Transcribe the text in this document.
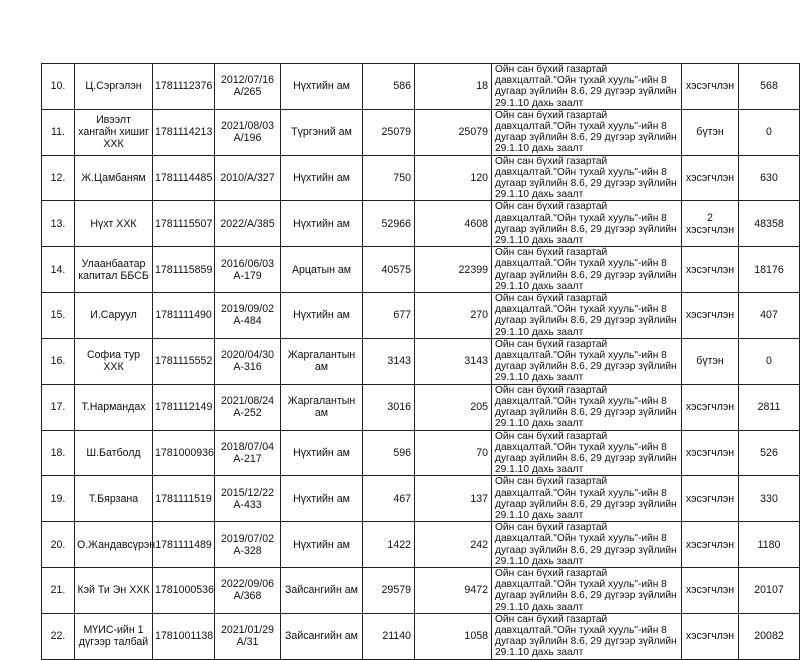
10.	Ц.Сэргэлэн	1781112376	2012/07/16 А/265	Нүхтийн ам	586	18	Ойн сан бүхий газартай давхцалтай."Ойн тухай хууль"-ийн 8 дугаар зүйлийн 8.6, 29 дүгээр зүйлийн 29.1.10 дахь заалт	хэсэгчлэн	568
11.	Ивээлт хангайн хишиг ХХК	1781114213	2021/08/03 А/196	Түргэний ам	25079	25079	Ойн сан бүхий газартай давхцалтай."Ойн тухай хууль"-ийн 8 дугаар зүйлийн 8.6, 29 дүгээр зүйлийн 29.1.10 дахь заалт	бүтэн	0
12.	Ж.Цамбаням	1781114485	2010/А/327	Нүхтийн ам	750	120	Ойн сан бүхий газартай давхцалтай."Ойн тухай хууль"-ийн 8 дугаар зүйлийн 8.6, 29 дүгээр зүйлийн 29.1.10 дахь заалт	хэсэгчлэн	630
13.	Нүхт ХХК	1781115507	2022/А/385	Нүхтийн ам	52966	4608	Ойн сан бүхий газартай давхцалтай."Ойн тухай хууль"-ийн 8 дугаар зүйлийн 8.6, 29 дүгээр зүйлийн 29.1.10 дахь заалт	2 хэсэгчлэн	48358
14.	Улаанбаатар капитал ББСБ	1781115859	2016/06/03 А-179	Арцатын ам	40575	22399	Ойн сан бүхий газартай давхцалтай."Ойн тухай хууль"-ийн 8 дугаар зүйлийн 8.6, 29 дүгээр зүйлийн 29.1.10 дахь заалт	хэсэгчлэн	18176
15.	И.Саруул	1781111490	2019/09/02 А-484	Нүхтийн ам	677	270	Ойн сан бүхий газартай давхцалтай."Ойн тухай хууль"-ийн 8 дугаар зүйлийн 8.6, 29 дүгээр зүйлийн 29.1.10 дахь заалт	хэсэгчлэн	407
16.	Софиа тур ХХК	1781115552	2020/04/30 А-316	Жаргалантын ам	3143	3143	Ойн сан бүхий газартай давхцалтай."Ойн тухай хууль"-ийн 8 дугаар зүйлийн 8.6, 29 дүгээр зүйлийн 29.1.10 дахь заалт	бүтэн	0
17.	Т.Нармандах	1781112149	2021/08/24 А-252	Жаргалантын ам	3016	205	Ойн сан бүхий газартай давхцалтай."Ойн тухай хууль"-ийн 8 дугаар зүйлийн 8.6, 29 дүгээр зүйлийн 29.1.10 дахь заалт	хэсэгчлэн	2811
18.	Ш.Батболд	1781000936	2018/07/04 А-217	Нүхтийн ам	596	70	Ойн сан бүхий газартай давхцалтай."Ойн тухай хууль"-ийн 8 дугаар зүйлийн 8.6, 29 дүгээр зүйлийн 29.1.10 дахь заалт	хэсэгчлэн	526
19.	Т.Бярзана	1781111519	2015/12/22 А-433	Нүхтийн ам	467	137	Ойн сан бүхий газартай давхцалтай."Ойн тухай хууль"-ийн 8 дугаар зүйлийн 8.6, 29 дүгээр зүйлийн 29.1.10 дахь заалт	хэсэгчлэн	330
20.	О.Жандавсүрэн	1781111489	2019/07/02 А-328	Нүхтийн ам	1422	242	Ойн сан бүхий газартай давхцалтай."Ойн тухай хууль"-ийн 8 дугаар зүйлийн 8.6, 29 дүгээр зүйлийн 29.1.10 дахь заалт	хэсэгчлэн	1180
21.	Кэй Ти Эн ХХК	1781000536	2022/09/06 А/368	Зайсангийн ам	29579	9472	Ойн сан бүхий газартай давхцалтай."Ойн тухай хууль"-ийн 8 дугаар зүйлийн 8.6, 29 дүгээр зүйлийн 29.1.10 дахь заалт	хэсэгчлэн	20107
22.	МҮИС-ийн 1 дүгээр талбай	1781001138	2021/01/29 А/31	Зайсангийн ам	21140	1058	Ойн сан бүхий газартай давхцалтай."Ойн тухай хууль"-ийн 8 дугаар зүйлийн 8.6, 29 дүгээр зүйлийн 29.1.10 дахь заалт	хэсэгчлэн	20082
